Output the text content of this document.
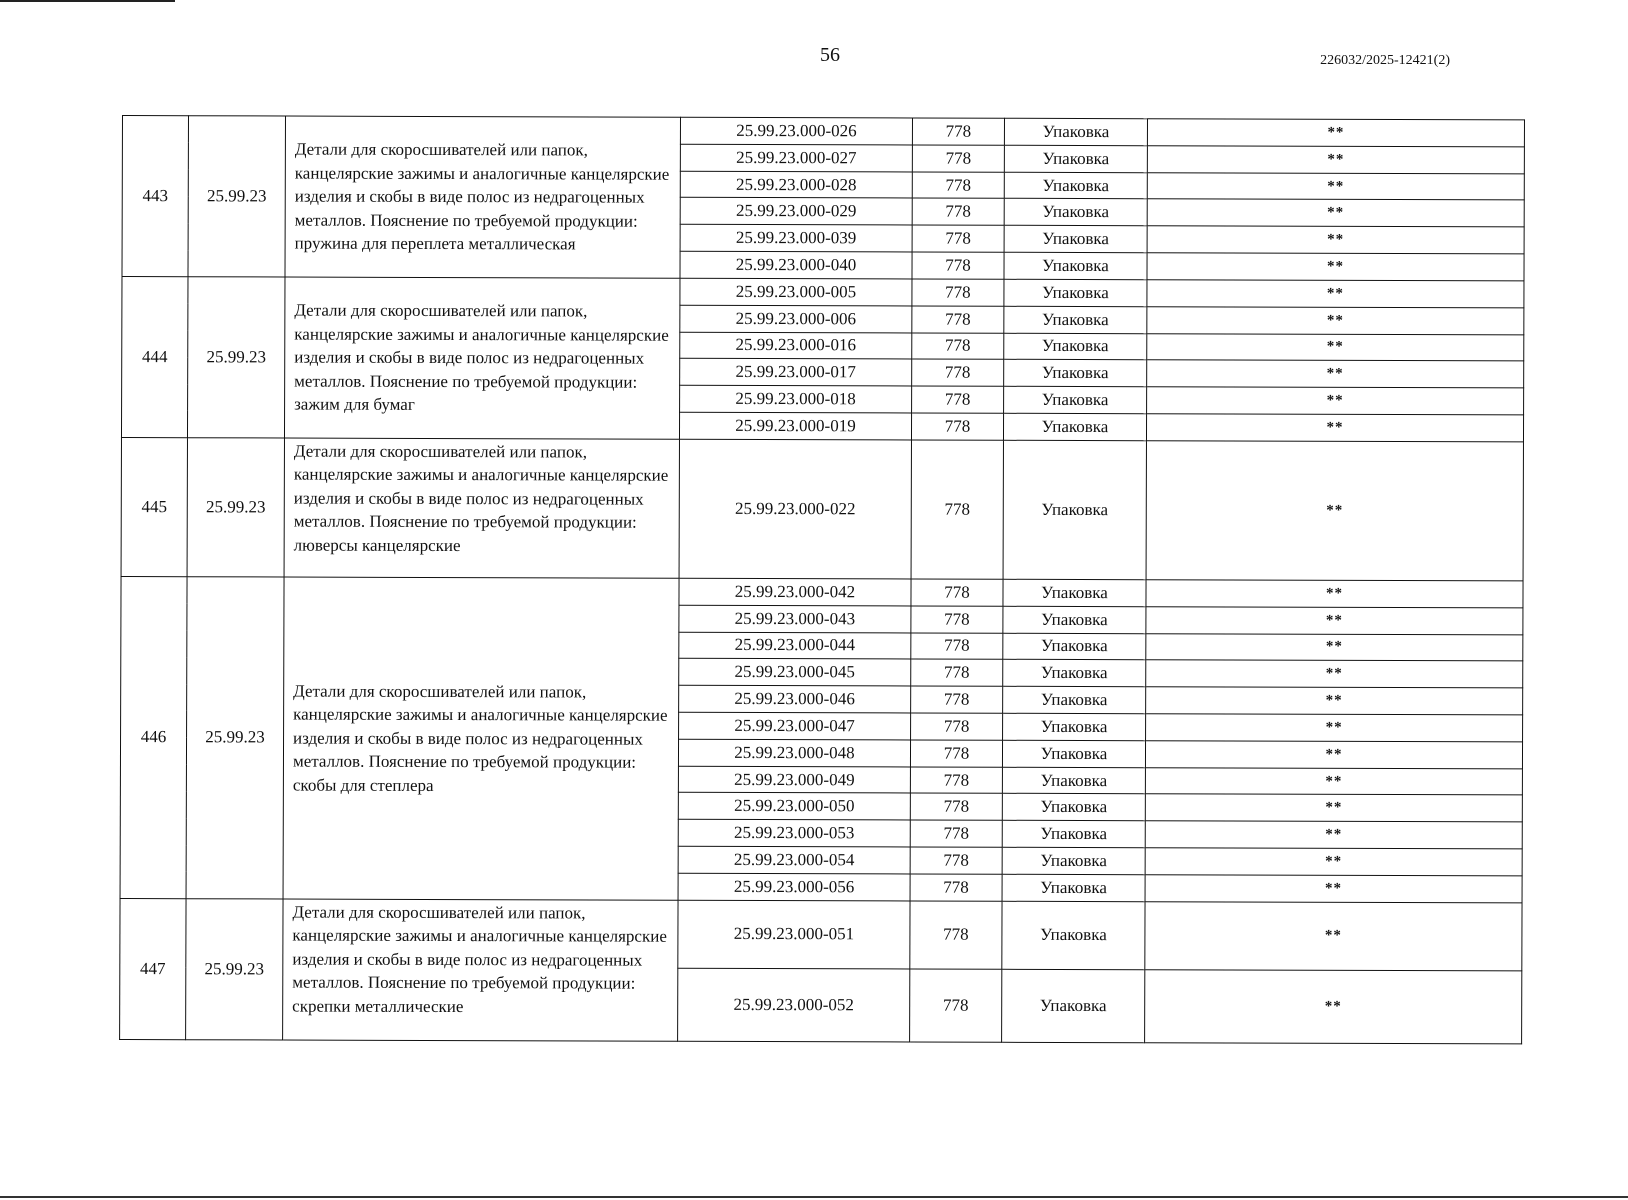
56	226032/2025-12421(2)
443	25.99.23	Детали для скоросшивателей или папок, канцелярские зажимы и аналогичные канцелярские изделия и скобы в виде полос из недрагоценных металлов. Пояснение по требуемой продукции: пружина для переплета металлическая	25.99.23.000-026	778	Упаковка	**
			25.99.23.000-027	778	Упаковка	**
			25.99.23.000-028	778	Упаковка	**
			25.99.23.000-029	778	Упаковка	**
			25.99.23.000-039	778	Упаковка	**
			25.99.23.000-040	778	Упаковка	**
444	25.99.23	Детали для скоросшивателей или папок, канцелярские зажимы и аналогичные канцелярские изделия и скобы в виде полос из недрагоценных металлов. Пояснение по требуемой продукции: зажим для бумаг	25.99.23.000-005	778	Упаковка	**
			25.99.23.000-006	778	Упаковка	**
			25.99.23.000-016	778	Упаковка	**
			25.99.23.000-017	778	Упаковка	**
			25.99.23.000-018	778	Упаковка	**
			25.99.23.000-019	778	Упаковка	**
445	25.99.23	Детали для скоросшивателей или папок, канцелярские зажимы и аналогичные канцелярские изделия и скобы в виде полос из недрагоценных металлов. Пояснение по требуемой продукции: люверсы канцелярские	25.99.23.000-022	778	Упаковка	**
446	25.99.23	Детали для скоросшивателей или папок, канцелярские зажимы и аналогичные канцелярские изделия и скобы в виде полос из недрагоценных металлов. Пояснение по требуемой продукции: скобы для степлера	25.99.23.000-042	778	Упаковка	**
			25.99.23.000-043	778	Упаковка	**
			25.99.23.000-044	778	Упаковка	**
			25.99.23.000-045	778	Упаковка	**
			25.99.23.000-046	778	Упаковка	**
			25.99.23.000-047	778	Упаковка	**
			25.99.23.000-048	778	Упаковка	**
			25.99.23.000-049	778	Упаковка	**
			25.99.23.000-050	778	Упаковка	**
			25.99.23.000-053	778	Упаковка	**
			25.99.23.000-054	778	Упаковка	**
			25.99.23.000-056	778	Упаковка	**
447	25.99.23	Детали для скоросшивателей или папок, канцелярские зажимы и аналогичные канцелярские изделия и скобы в виде полос из недрагоценных металлов. Пояснение по требуемой продукции: скрепки металлические	25.99.23.000-051	778	Упаковка	**
			25.99.23.000-052	778	Упаковка	**
